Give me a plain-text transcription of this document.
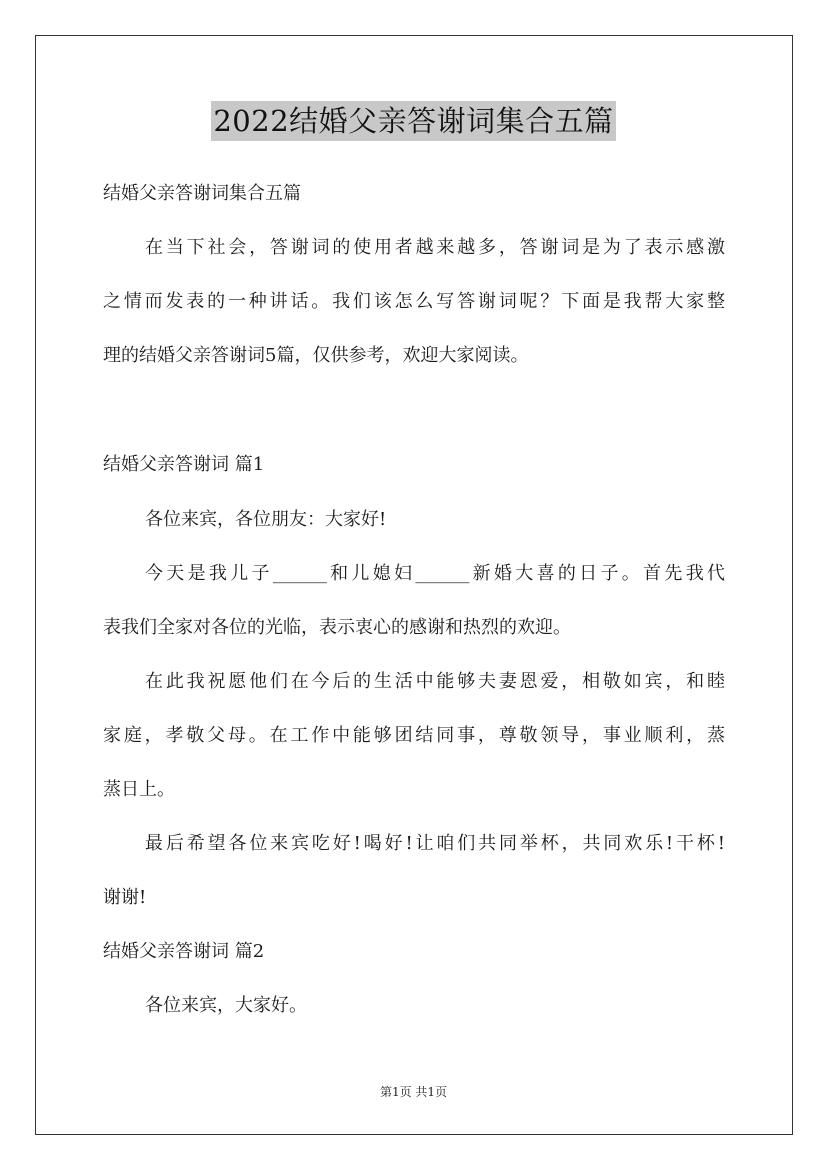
2022结婚父亲答谢词集合五篇
结婚父亲答谢词集合五篇
在当下社会，答谢词的使用者越来越多，答谢词是为了表示感激
之情而发表的一种讲话。我们该怎么写答谢词呢？下面是我帮大家整
理的结婚父亲答谢词5篇，仅供参考，欢迎大家阅读。
结婚父亲答谢词 篇1
各位来宾，各位朋友：大家好!
今天是我儿子______和儿媳妇______新婚大喜的日子。首先我代
表我们全家对各位的光临，表示衷心的感谢和热烈的欢迎。
在此我祝愿他们在今后的生活中能够夫妻恩爱，相敬如宾，和睦
家庭，孝敬父母。在工作中能够团结同事，尊敬领导，事业顺利，蒸
蒸日上。
最后希望各位来宾吃好!喝好!让咱们共同举杯，共同欢乐!干杯!
谢谢!
结婚父亲答谢词 篇2
各位来宾，大家好。
第1页 共1页
